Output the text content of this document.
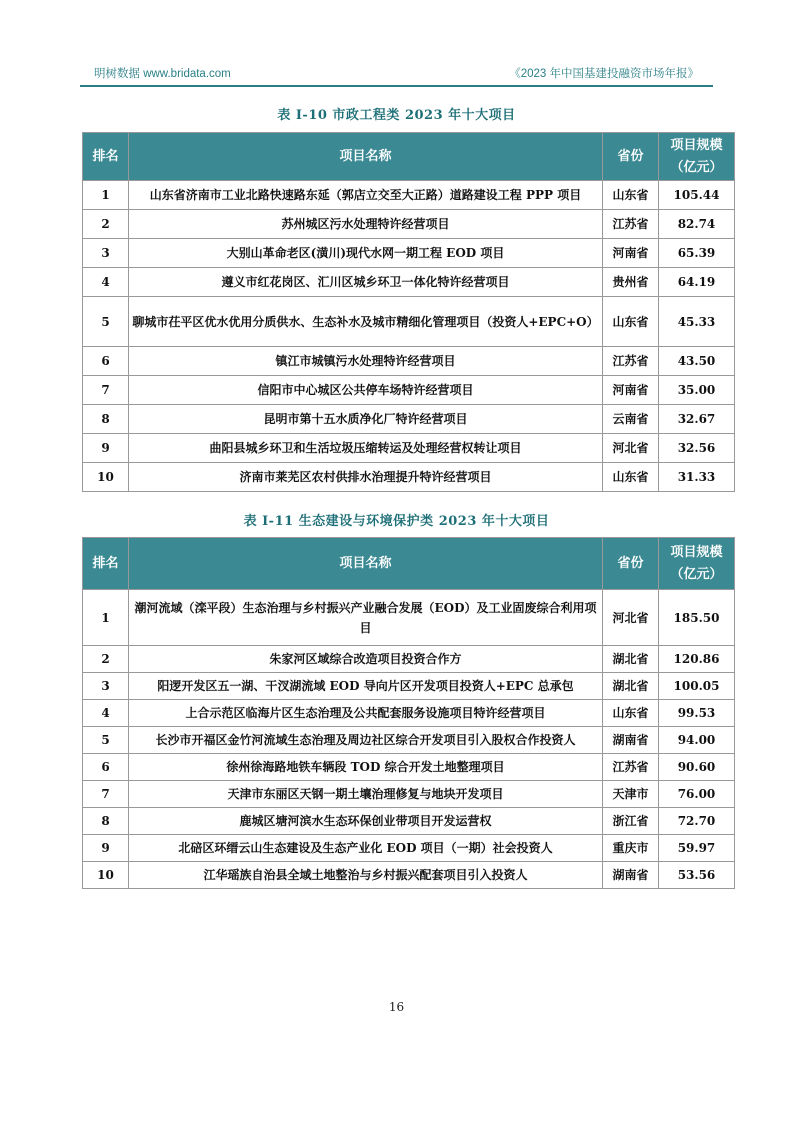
明树数据 www.bridata.com	《2023 年中国基建投融资市场年报》
表 I-10 市政工程类 2023 年十大项目
排名	项目名称	省份	项目规模
（亿元）
1	山东省济南市工业北路快速路东延（郭店立交至大正路）道路建设工程 PPP 项目	山东省	105.44
2	苏州城区污水处理特许经营项目	江苏省	82.74
3	大别山革命老区(潢川)现代水网一期工程 EOD 项目	河南省	65.39
4	遵义市红花岗区、汇川区城乡环卫一体化特许经营项目	贵州省	64.19
5	聊城市茌平区优水优用分质供水、生态补水及城市精细化管理项目（投资人+EPC+O）	山东省	45.33
6	镇江市城镇污水处理特许经营项目	江苏省	43.50
7	信阳市中心城区公共停车场特许经营项目	河南省	35.00
8	昆明市第十五水质净化厂特许经营项目	云南省	32.67
9	曲阳县城乡环卫和生活垃圾压缩转运及处理经营权转让项目	河北省	32.56
10	济南市莱芜区农村供排水治理提升特许经营项目	山东省	31.33
表 I-11 生态建设与环境保护类 2023 年十大项目
排名	项目名称	省份	项目规模
（亿元）
1	潮河流域（滦平段）生态治理与乡村振兴产业融合发展（EOD）及工业固废综合利用项目	河北省	185.50
2	朱家河区域综合改造项目投资合作方	湖北省	120.86
3	阳逻开发区五一湖、干汊湖流域 EOD 导向片区开发项目投资人+EPC 总承包	湖北省	100.05
4	上合示范区临海片区生态治理及公共配套服务设施项目特许经营项目	山东省	99.53
5	长沙市开福区金竹河流域生态治理及周边社区综合开发项目引入股权合作投资人	湖南省	94.00
6	徐州徐海路地铁车辆段 TOD 综合开发土地整理项目	江苏省	90.60
7	天津市东丽区天钢一期土壤治理修复与地块开发项目	天津市	76.00
8	鹿城区塘河滨水生态环保创业带项目开发运营权	浙江省	72.70
9	北碚区环缙云山生态建设及生态产业化 EOD 项目（一期）社会投资人	重庆市	59.97
10	江华瑶族自治县全域土地整治与乡村振兴配套项目引入投资人	湖南省	53.56
16
